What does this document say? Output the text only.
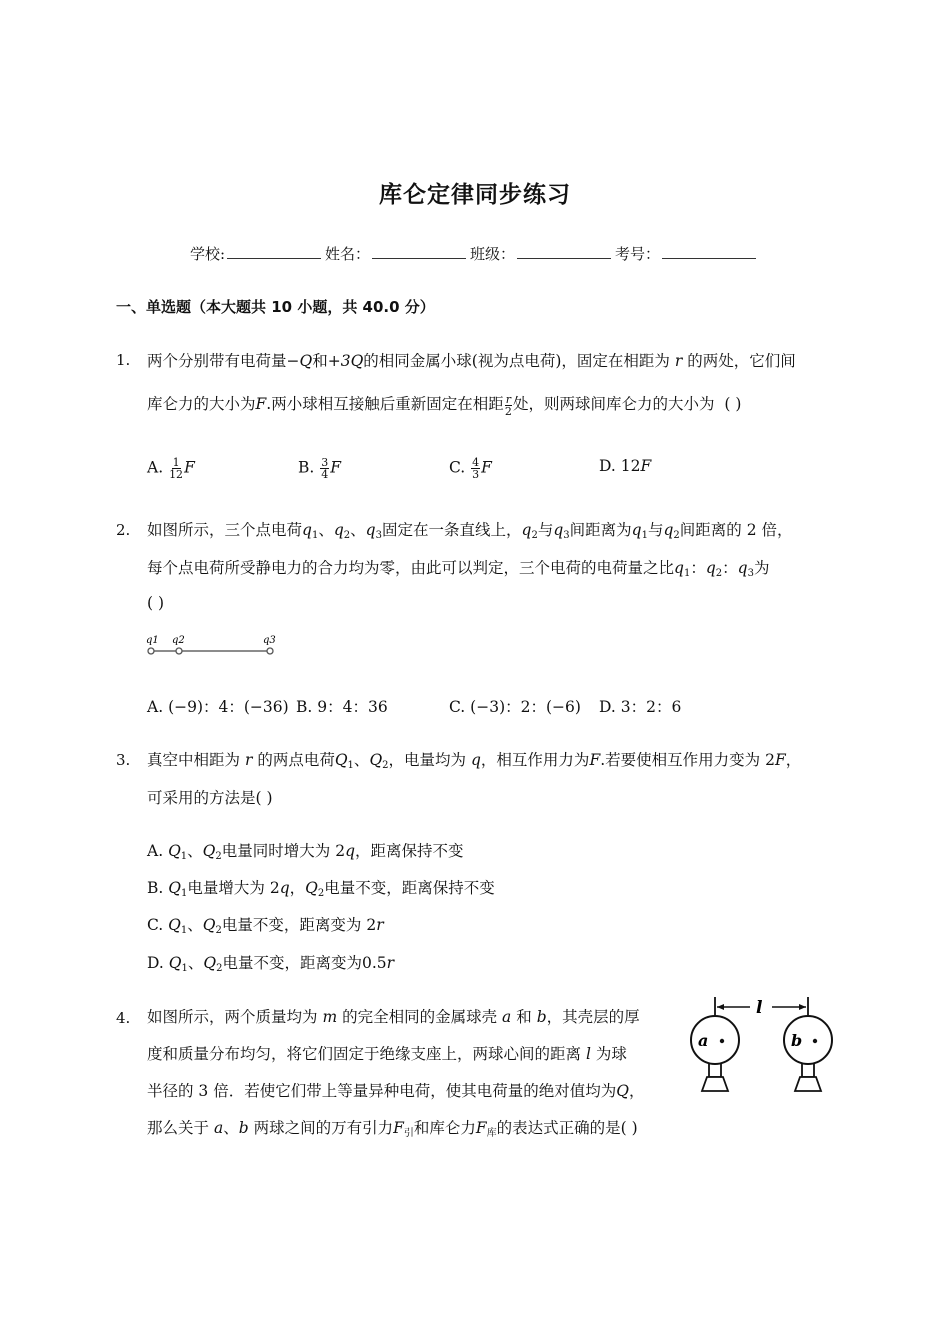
库仑定律同步练习
学校:	姓名：	班级：	考号：
一、单选题（本大题共 10 小题，共 40.0 分）
1. 两个分别带有电荷量−Q和+3Q的相同金属小球(视为点电荷)，固定在相距为 r 的两处，它们间
库仑力的大小为F.两小球相互接触后重新固定在相距 $\frac{r}{2}$ 处，则两球间库仑力的大小为 ( )
A. $\frac{1}{12}$ F	B. $\frac{3}{4}$ F	C. $\frac{4}{3}$ F	D. 12F
2. 如图所示，三个点电荷$q_1$、$q_2$、$q_3$固定在一条直线上，$q_2$与$q_3$间距离为$q_1$与$q_2$间距离的 2 倍，
每个点电荷所受静电力的合力均为零，由此可以判定，三个电荷的电荷量之比$q_1$：$q_2$：$q_3$为
( )
q1 q2	q3
A. (−9)：4：(−36) B. 9：4：36	C. (−3)：2：(−6) D. 3：2：6
3. 真空中相距为 r 的两点电荷$Q_1$、$Q_2$，电量均为 q，相互作用力为F.若要使相互作用力变为 2F，
可采用的方法是( )
A. $Q_1$、$Q_2$电量同时增大为 2q，距离保持不变
B. $Q_1$电量增大为 2q，$Q_2$电量不变，距离保持不变
C. $Q_1$、$Q_2$电量不变，距离变为 2r
D. $Q_1$、$Q_2$电量不变，距离变为0.5r
4. 如图所示，两个质量均为 m 的完全相同的金属球壳 a 和 b，其壳层的厚
度和质量分布均匀，将它们固定于绝缘支座上，两球心间的距离 l 为球
半径的 3 倍．若使它们带上等量异种电荷，使其电荷量的绝对值均为Q，
那么关于 a、b 两球之间的万有引力$F_引$和库仑力$F_库$的表达式正确的是( )
l
a	b
